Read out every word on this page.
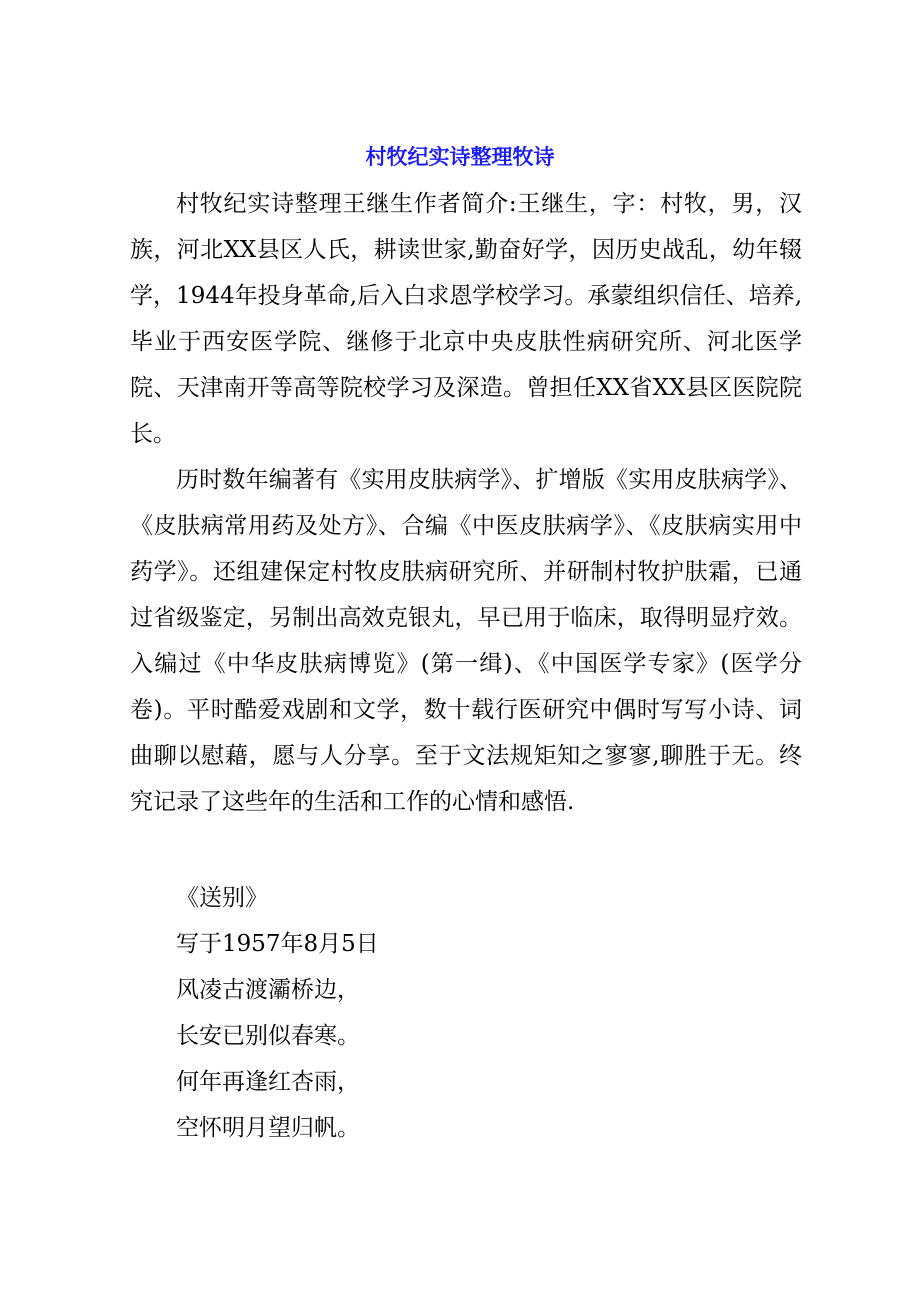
村牧纪实诗整理牧诗

村牧纪实诗整理王继生作者简介:王继生，字：村牧，男，汉族，河北XX县区人氏，耕读世家,勤奋好学，因历史战乱，幼年辍学，1944年投身革命,后入白求恩学校学习。承蒙组织信任、培养,毕业于西安医学院、继修于北京中央皮肤性病研究所、河北医学院、天津南开等高等院校学习及深造。曾担任XX省XX县区医院院长。

历时数年编著有《实用皮肤病学》、扩增版《实用皮肤病学》、《皮肤病常用药及处方》、合编《中医皮肤病学》、《皮肤病实用中药学》。还组建保定村牧皮肤病研究所、并研制村牧护肤霜，已通过省级鉴定，另制出高效克银丸，早已用于临床，取得明显疗效。入编过《中华皮肤病博览》(第一缉)、《中国医学专家》(医学分卷)。平时酷爱戏剧和文学，数十载行医研究中偶时写写小诗、词曲聊以慰藉，愿与人分享。至于文法规矩知之寥寥,聊胜于无。终究记录了这些年的生活和工作的心情和感悟.

《送别》
写于1957年8月5日
风凌古渡灞桥边，
长安已别似春寒。
何年再逢红杏雨，
空怀明月望归帆。
